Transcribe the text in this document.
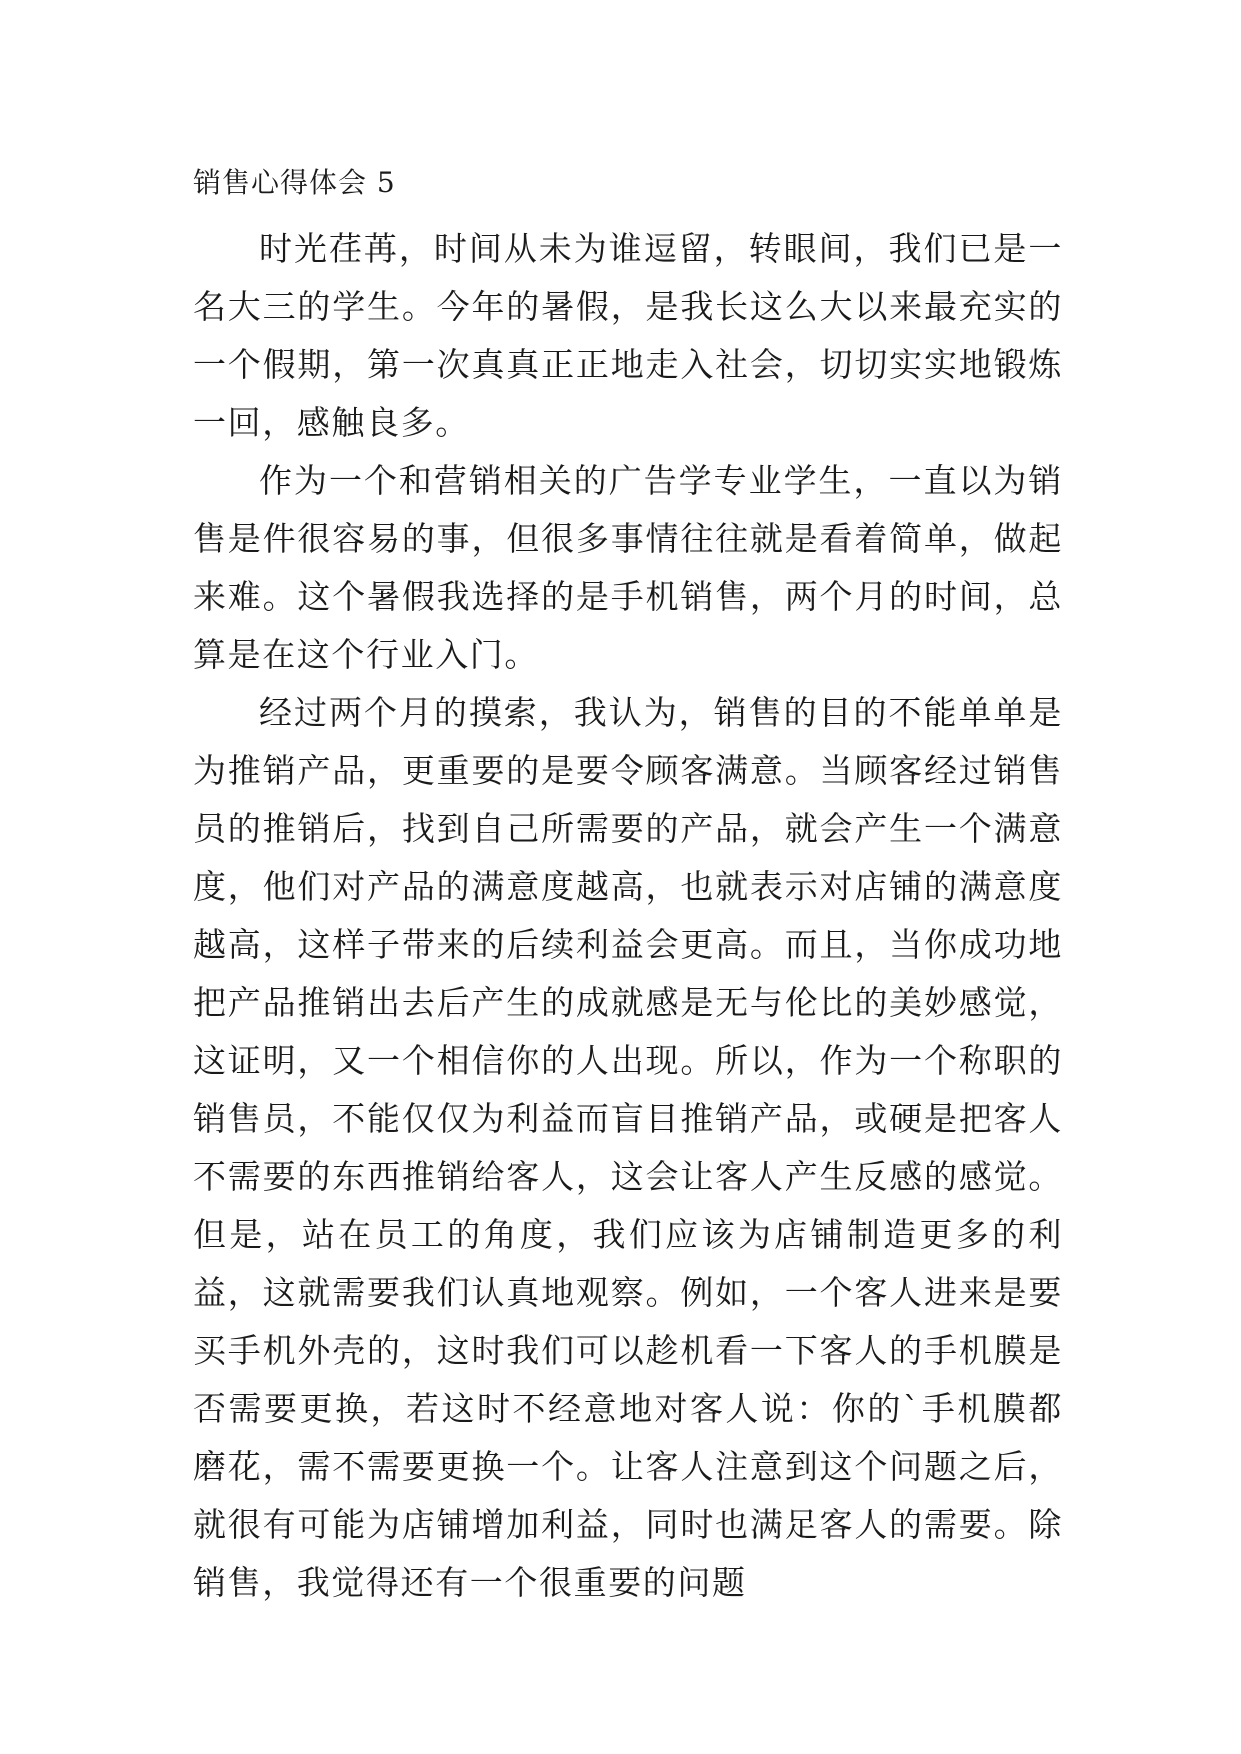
销售心得体会 5

时光荏苒，时间从未为谁逗留，转眼间，我们已是一名大三的学生。今年的暑假，是我长这么大以来最充实的一个假期，第一次真真正正地走入社会，切切实实地锻炼一回，感触良多。

作为一个和营销相关的广告学专业学生，一直以为销售是件很容易的事，但很多事情往往就是看着简单，做起来难。这个暑假我选择的是手机销售，两个月的时间，总算是在这个行业入门。

经过两个月的摸索，我认为，销售的目的不能单单是为推销产品，更重要的是要令顾客满意。当顾客经过销售员的推销后，找到自己所需要的产品，就会产生一个满意度，他们对产品的满意度越高，也就表示对店铺的满意度越高，这样子带来的后续利益会更高。而且，当你成功地把产品推销出去后产生的成就感是无与伦比的美妙感觉，这证明，又一个相信你的人出现。所以，作为一个称职的销售员，不能仅仅为利益而盲目推销产品，或硬是把客人不需要的东西推销给客人，这会让客人产生反感的感觉。但是，站在员工的角度，我们应该为店铺制造更多的利益，这就需要我们认真地观察。例如，一个客人进来是要买手机外壳的，这时我们可以趁机看一下客人的手机膜是否需要更换，若这时不经意地对客人说：你的`手机膜都磨花，需不需要更换一个。让客人注意到这个问题之后，就很有可能为店铺增加利益，同时也满足客人的需要。除销售，我觉得还有一个很重要的问题
